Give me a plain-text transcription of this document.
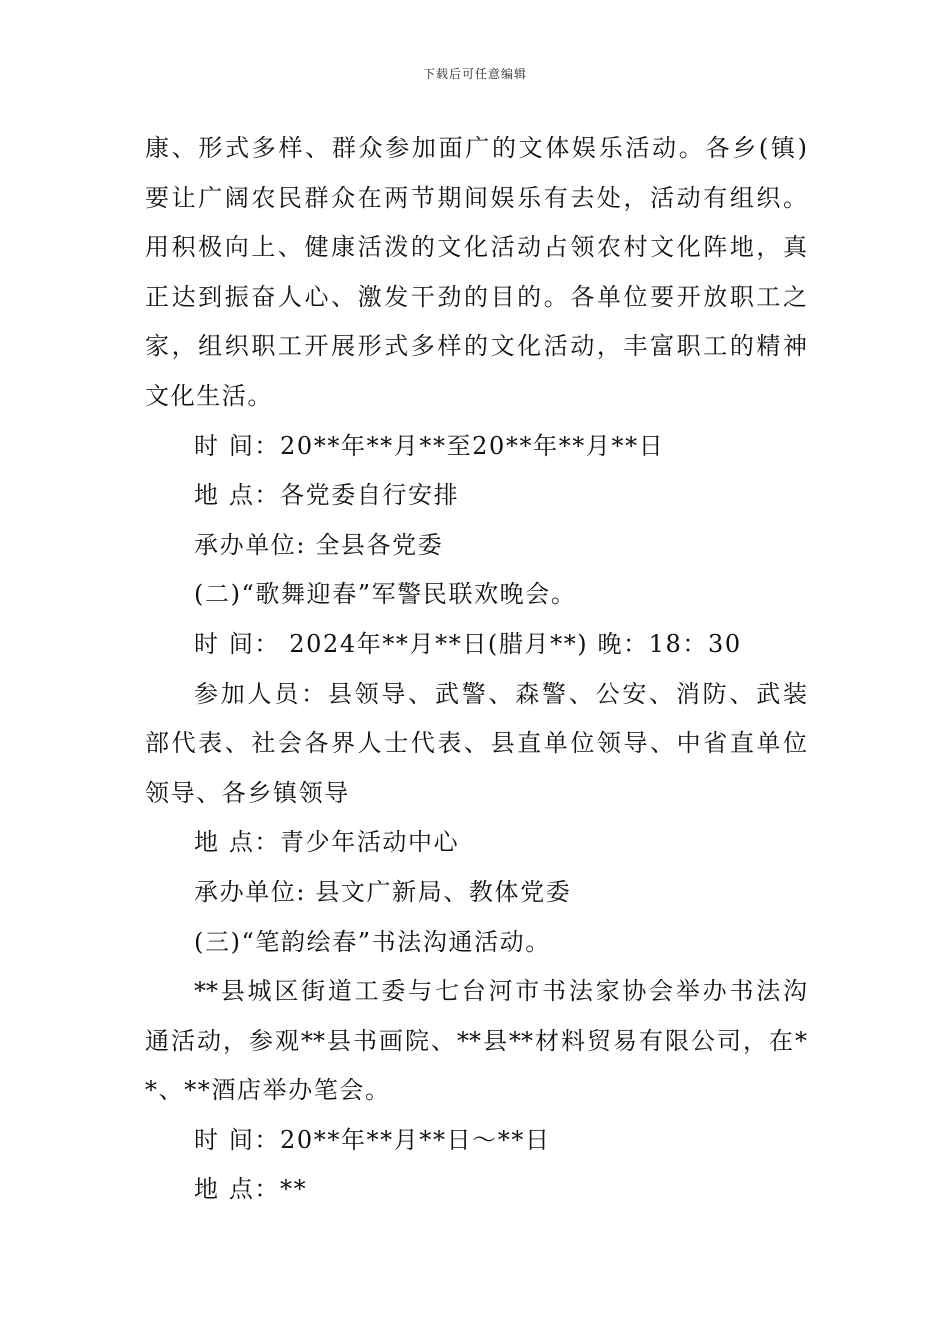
下载后可任意编辑
康、形式多样、群众参加面广的文体娱乐活动。各乡(镇)
要让广阔农民群众在两节期间娱乐有去处，活动有组织。
用积极向上、健康活泼的文化活动占领农村文化阵地，真
正达到振奋人心、激发干劲的目的。各单位要开放职工之
家，组织职工开展形式多样的文化活动，丰富职工的精神
文化生活。
时 间：20**年**月**至20**年**月**日
地 点：各党委自行安排
承办单位: 全县各党委
(二)“歌舞迎春”军警民联欢晚会。
时 间： 2024年**月**日(腊月**) 晚：18：30
参加人员：县领导、武警、森警、公安、消防、武装
部代表、社会各界人士代表、县直单位领导、中省直单位
领导、各乡镇领导
地 点：青少年活动中心
承办单位: 县文广新局、教体党委
(三)“笔韵绘春”书法沟通活动。
**县城区街道工委与七台河市书法家协会举办书法沟
通活动，参观**县书画院、**县**材料贸易有限公司，在*
*、**酒店举办笔会。
时 间：20**年**月**日～**日
地 点：**
